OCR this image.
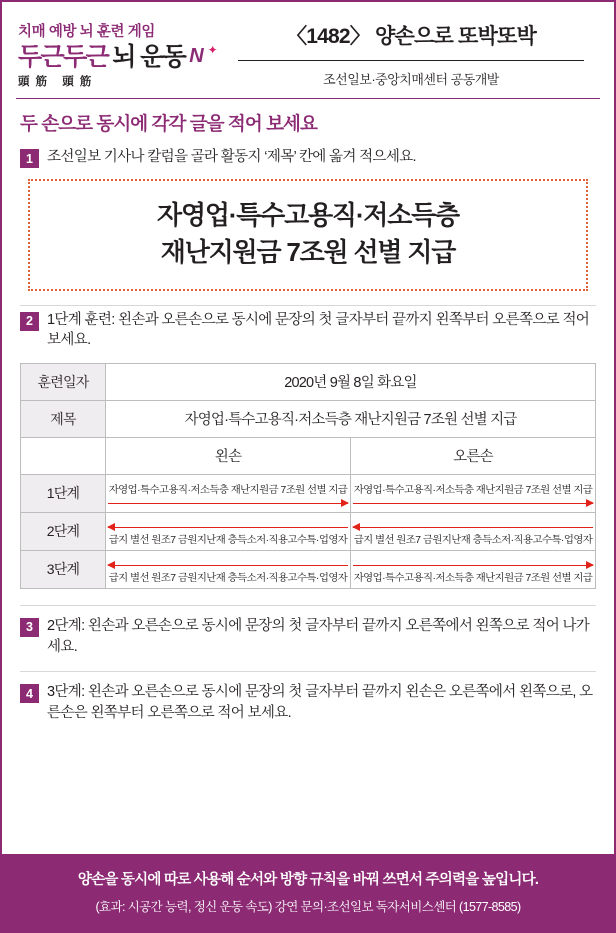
치매 예방 뇌 훈련 게임
두근두근 뇌 운동 N ✦
頭筋 頭筋
〈1482〉 양손으로 또박또박
조선일보·중앙치매센터 공동개발
두 손으로 동시에 각각 글을 적어 보세요
1 조선일보 기사나 칼럼을 골라 활동지 ‘제목’ 칸에 옮겨 적으세요.
자영업·특수고용직·저소득층
재난지원금 7조원 선별 지급
2 1단계 훈련: 왼손과 오른손으로 동시에 문장의 첫 글자부터 끝까지 왼쪽부터 오른쪽으로 적어 보세요.
훈련일자	2020년 9월 8일 화요일	
제목	자영업·특수고용직·저소득층 재난지원금 7조원 선별 지급	
	왼손	오른손
1단계	자영업·특수고용직·저소득층 재난지원금 7조원 선별 지급	자영업·특수고용직·저소득층 재난지원금 7조원 선별 지급

2단계	급지 별선 원조7 금원지난재 층득소저·직용고수특·업영자	급지 별선 원조7 금원지난재 층득소저·직용고수특·업영자

3단계	급지 별선 원조7 금원지난재 층득소저·직용고수특·업영자	자영업·특수고용직·저소득층 재난지원금 7조원 선별 지급
3 2단계: 왼손과 오른손으로 동시에 문장의 첫 글자부터 끝까지 오른쪽에서 왼쪽으로 적어 나가세요.
4 3단계: 왼손과 오른손으로 동시에 문장의 첫 글자부터 끝까지 왼손은 오른쪽에서 왼쪽으로, 오른손은 왼쪽부터 오른쪽으로 적어 보세요.
양손을 동시에 따로 사용해 순서와 방향 규칙을 바꿔 쓰면서 주의력을 높입니다.
(효과: 시공간 능력, 정신 운동 속도) 강연 문의·조선일보 독자서비스센터 (1577-8585)
